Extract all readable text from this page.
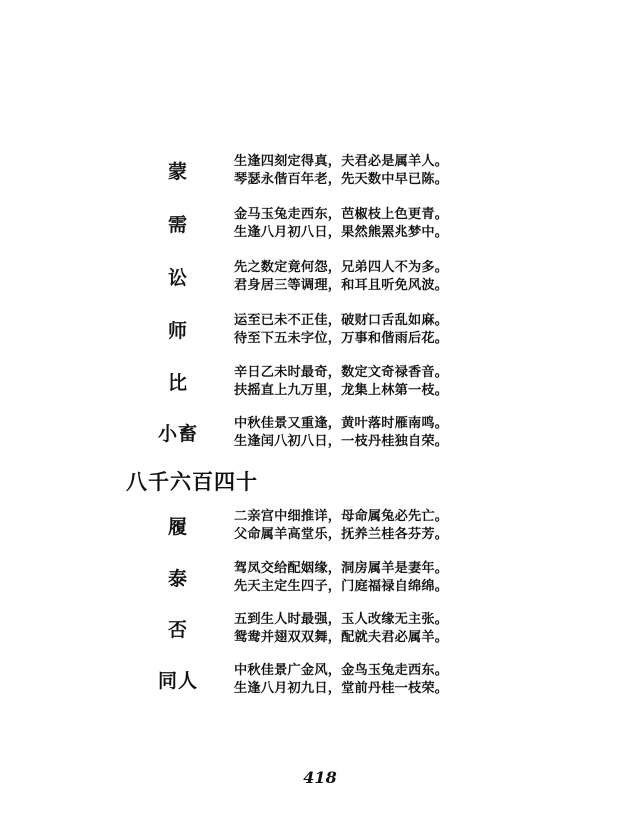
蒙	生逢四刻定得真，夫君必是属羊人。
琴瑟永偕百年老，先天数中早已陈。
需	金马玉兔走西东，芭椒枝上色更青。
生逢八月初八日，果然熊罴兆梦中。
讼	先之数定竟何怨，兄弟四人不为多。
君身居三等调理，和耳且听免风波。
师	运至已未不正佳，破财口舌乱如麻。
待至下五未字位，万事和偕雨后花。
比	辛日乙未时最奇，数定文奇禄香音。
扶摇直上九万里，龙集上林第一枝。
小畜	中秋佳景又重逢，黄叶落时雁南鸣。
生逢闰八初八日，一枝丹桂独自荣。
八千六百四十
履	二亲宫中细推详，母命属兔必先亡。
父命属羊高堂乐，抚养兰桂各芬芳。
泰	驾凤交给配姻缘，洞房属羊是妻年。
先天主定生四子，门庭福禄自绵绵。
否	五到生人时最强，玉人改缘无主张。
鸳鸯并翅双双舞，配就夫君必属羊。
同人	中秋佳景广金风，金鸟玉兔走西东。
生逢八月初九日，堂前丹桂一枝荣。
418
